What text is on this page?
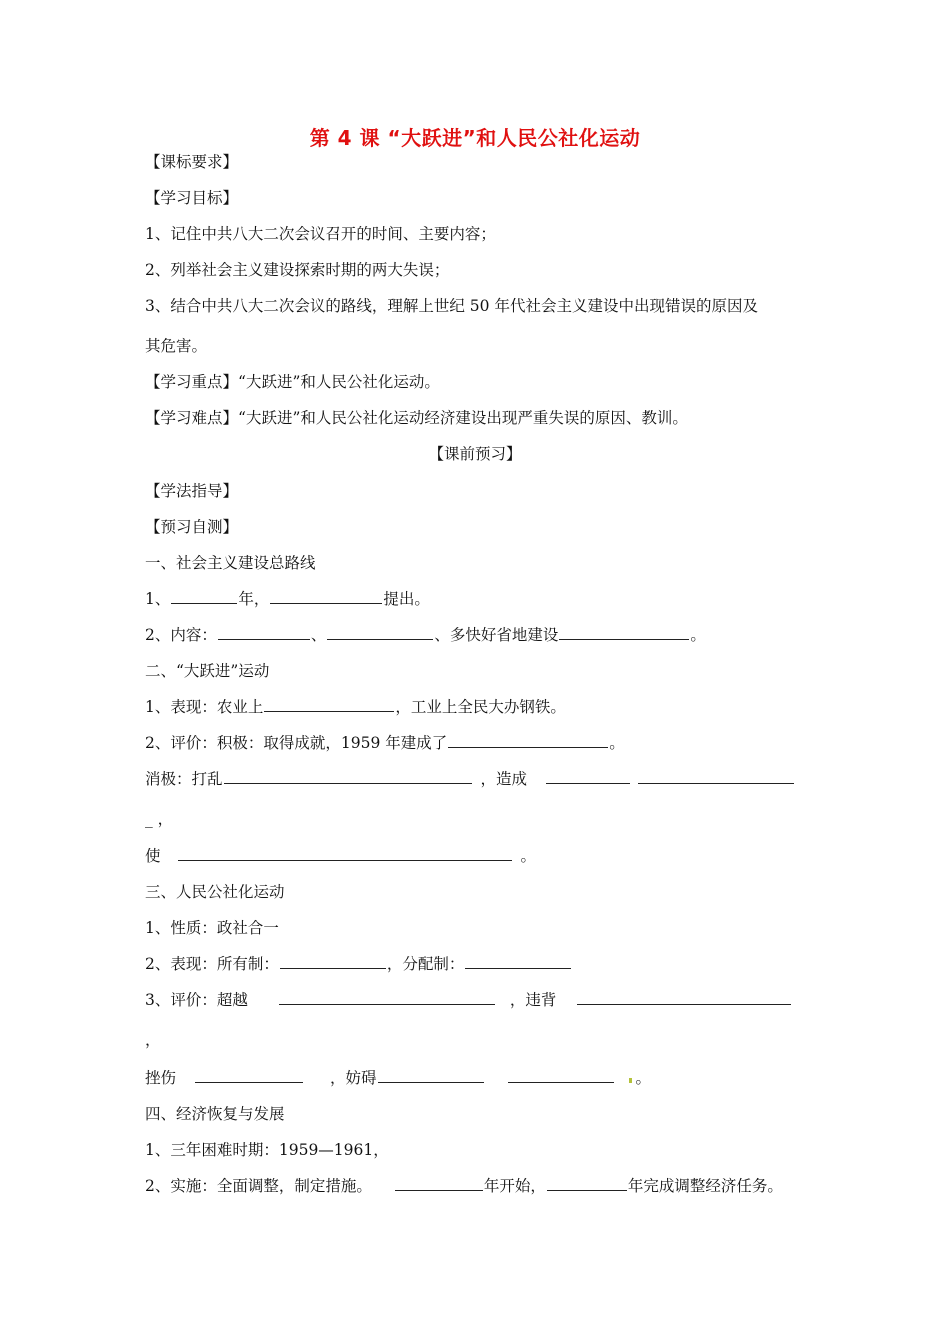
第 4 课 “大跃进”和人民公社化运动
【课标要求】
【学习目标】
1、记住中共八大二次会议召开的时间、主要内容；
2、列举社会主义建设探索时期的两大失误；
3、结合中共八大二次会议的路线，理解上世纪 50 年代社会主义建设中出现错误的原因及
其危害。
【学习重点】“大跃进”和人民公社化运动。
【学习难点】“大跃进”和人民公社化运动经济建设出现严重失误的原因、教训。
【课前预习】
【学法指导】
【预习自测】
一、社会主义建设总路线
1、	年，	提出。
2、内容：	、	、多快好省地建设	。
二、“大跃进”运动
1、表现：农业上	，工业上全民大办钢铁。
2、评价：积极：取得成就，1959 年建成了	。
消极：打乱	，造成
_ ，
使	。
三、人民公社化运动
1、性质：政社合一
2、表现：所有制：	，分配制：
3、评价：超越	，违背
，
挫伤	，妨碍	。
四、经济恢复与发展
1、三年困难时期：1959—1961，
2、实施：全面调整，制定措施。	年开始，	年完成调整经济任务。
